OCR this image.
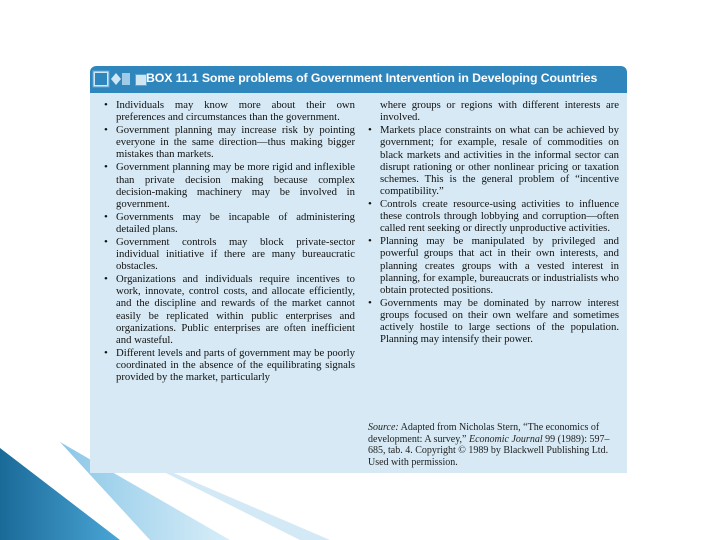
BOX 11.1 Some problems of Government Intervention in Developing Countries
• Individuals may know more about their own preferences and circumstances than the government.
• Government planning may increase risk by pointing everyone in the same direction—thus making bigger mistakes than markets.
• Government planning may be more rigid and inflexible than private decision making because complex decision-making machinery may be involved in government.
• Governments may be incapable of administering detailed plans.
• Government controls may block private-sector individual initiative if there are many bureaucratic obstacles.
• Organizations and individuals require incentives to work, innovate, control costs, and allocate efficiently, and the discipline and rewards of the market cannot easily be replicated within public enterprises and organizations. Public enterprises are often inefficient and wasteful.
• Different levels and parts of government may be poorly coordinated in the absence of the equilibrating signals provided by the market, particularly

where groups or regions with different interests are involved.

• Markets place constraints on what can be achieved by government; for example, resale of commodities on black markets and activities in the informal sector can disrupt rationing or other nonlinear pricing or taxation schemes. This is the general problem of “incentive compatibility.”
• Controls create resource-using activities to influence these controls through lobbying and corruption—often called rent seeking or directly unproductive activities.
• Planning may be manipulated by privileged and powerful groups that act in their own interests, and planning creates groups with a vested interest in planning, for example, bureaucrats or industrialists who obtain protected positions.
• Governments may be dominated by narrow interest groups focused on their own welfare and sometimes actively hostile to large sections of the population. Planning may intensify their power.
Source: Adapted from Nicholas Stern, “The economics of development: A survey,” Economic Journal 99 (1989): 597–685, tab. 4. Copyright © 1989 by Blackwell Publishing Ltd. Used with permission.
